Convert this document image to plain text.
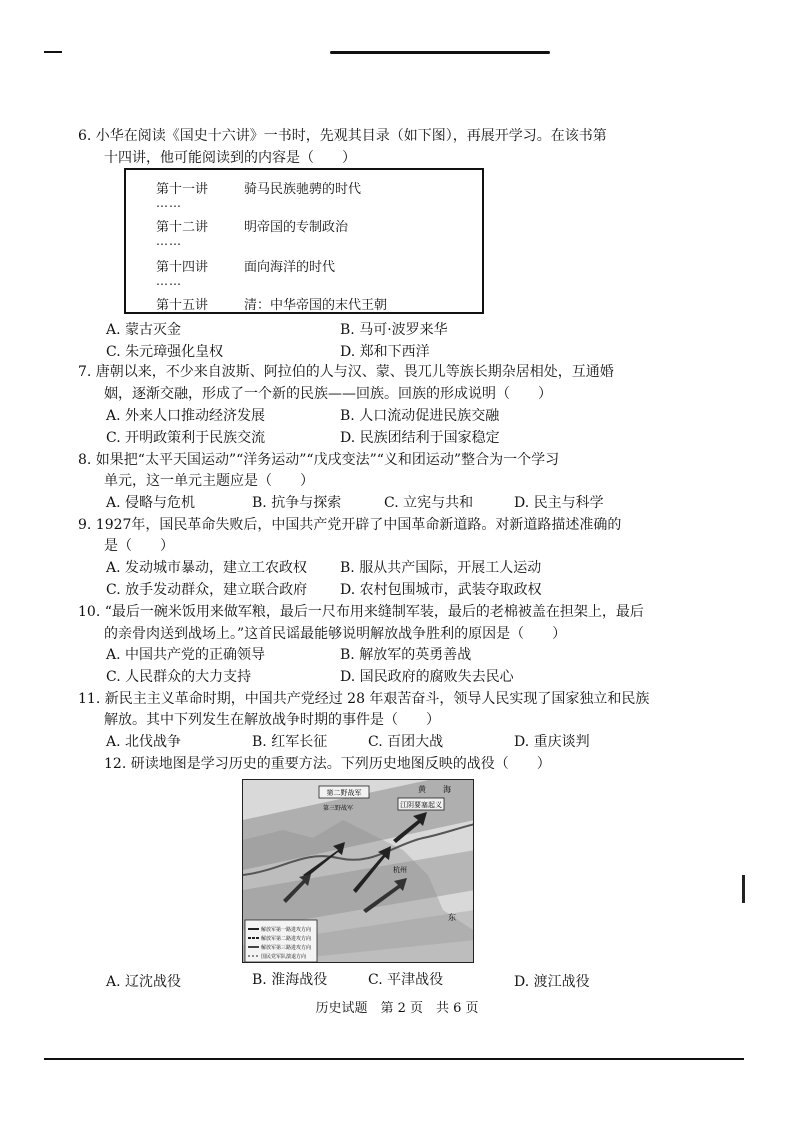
6. 小华在阅读《国史十六讲》一书时，先观其目录（如下图），再展开学习。在该书第
十四讲，他可能阅读到的内容是（　　）
第十一讲	骑马民族驰骋的时代
……
第十二讲	明帝国的专制政治
……
第十四讲	面向海洋的时代
……
第十五讲	清：中华帝国的末代王朝
A. 蒙古灭金	B. 马可·波罗来华
C. 朱元璋强化皇权	D. 郑和下西洋
7. 唐朝以来，不少来自波斯、阿拉伯的人与汉、蒙、畏兀儿等族长期杂居相处，互通婚
姻，逐渐交融，形成了一个新的民族——回族。回族的形成说明（　　）
A. 外来人口推动经济发展	B. 人口流动促进民族交融
C. 开明政策利于民族交流	D. 民族团结利于国家稳定
8. 如果把“太平天国运动”“洋务运动”“戊戌变法”“义和团运动”整合为一个学习
单元，这一单元主题应是（　　）
A. 侵略与危机	B. 抗争与探索	C. 立宪与共和	D. 民主与科学
9. 1927年，国民革命失败后，中国共产党开辟了中国革命新道路。对新道路描述准确的
是（　　）
A. 发动城市暴动，建立工农政权 B. 服从共产国际，开展工人运动
C. 放手发动群众，建立联合政府 D. 农村包围城市，武装夺取政权
10. “最后一碗米饭用来做军粮，最后一尺布用来缝制军装，最后的老棉被盖在担架上，最后
的亲骨肉送到战场上。”这首民谣最能够说明解放战争胜利的原因是（　　）
A. 中国共产党的正确领导	B. 解放军的英勇善战
C. 人民群众的大力支持	D. 国民政府的腐败失去民心
11. 新民主主义革命时期，中国共产党经过 28 年艰苦奋斗，领导人民实现了国家独立和民族
解放。其中下列发生在解放战争时期的事件是（　　）
A. 北伐战争	B. 红军长征	C. 百团大战	D. 重庆谈判
12. 研读地图是学习历史的重要方法。下列历史地图反映的战役（　　）
第二野战军
江阴要塞起义
黄 海
杭州
东
第三野战军
解放军第一路进攻方向
解放军第二路进攻方向
解放军第三路进攻方向
国民党军队溃退方向
A. 辽沈战役	B. 淮海战役	C. 平津战役	D. 渡江战役
历史试题　第 2 页　共 6 页
